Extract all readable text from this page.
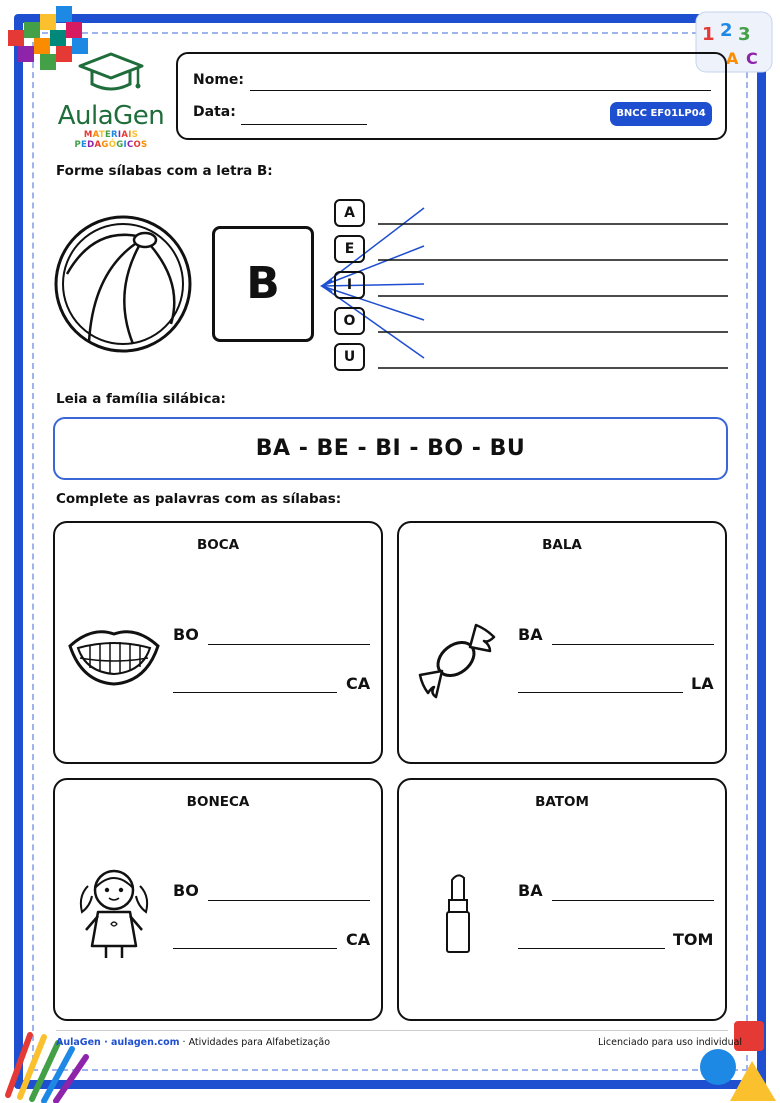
1 2 3
A C
AulaGen
MATERIAIS PEDAGÓGICOS
Nome:
Data:	BNCC EF01LP04
Forme sílabas com a letra B:
B
A
E
I
O
U
Leia a família silábica:
BA - BE - BI - BO - BU
Complete as palavras com as sílabas:
BOCA
BO
CA
BALA
BA
LA
BONECA
BO
CA
BATOM
BA
TOM
AulaGen · aulagen.com · Atividades para Alfabetização	Licenciado para uso individual
